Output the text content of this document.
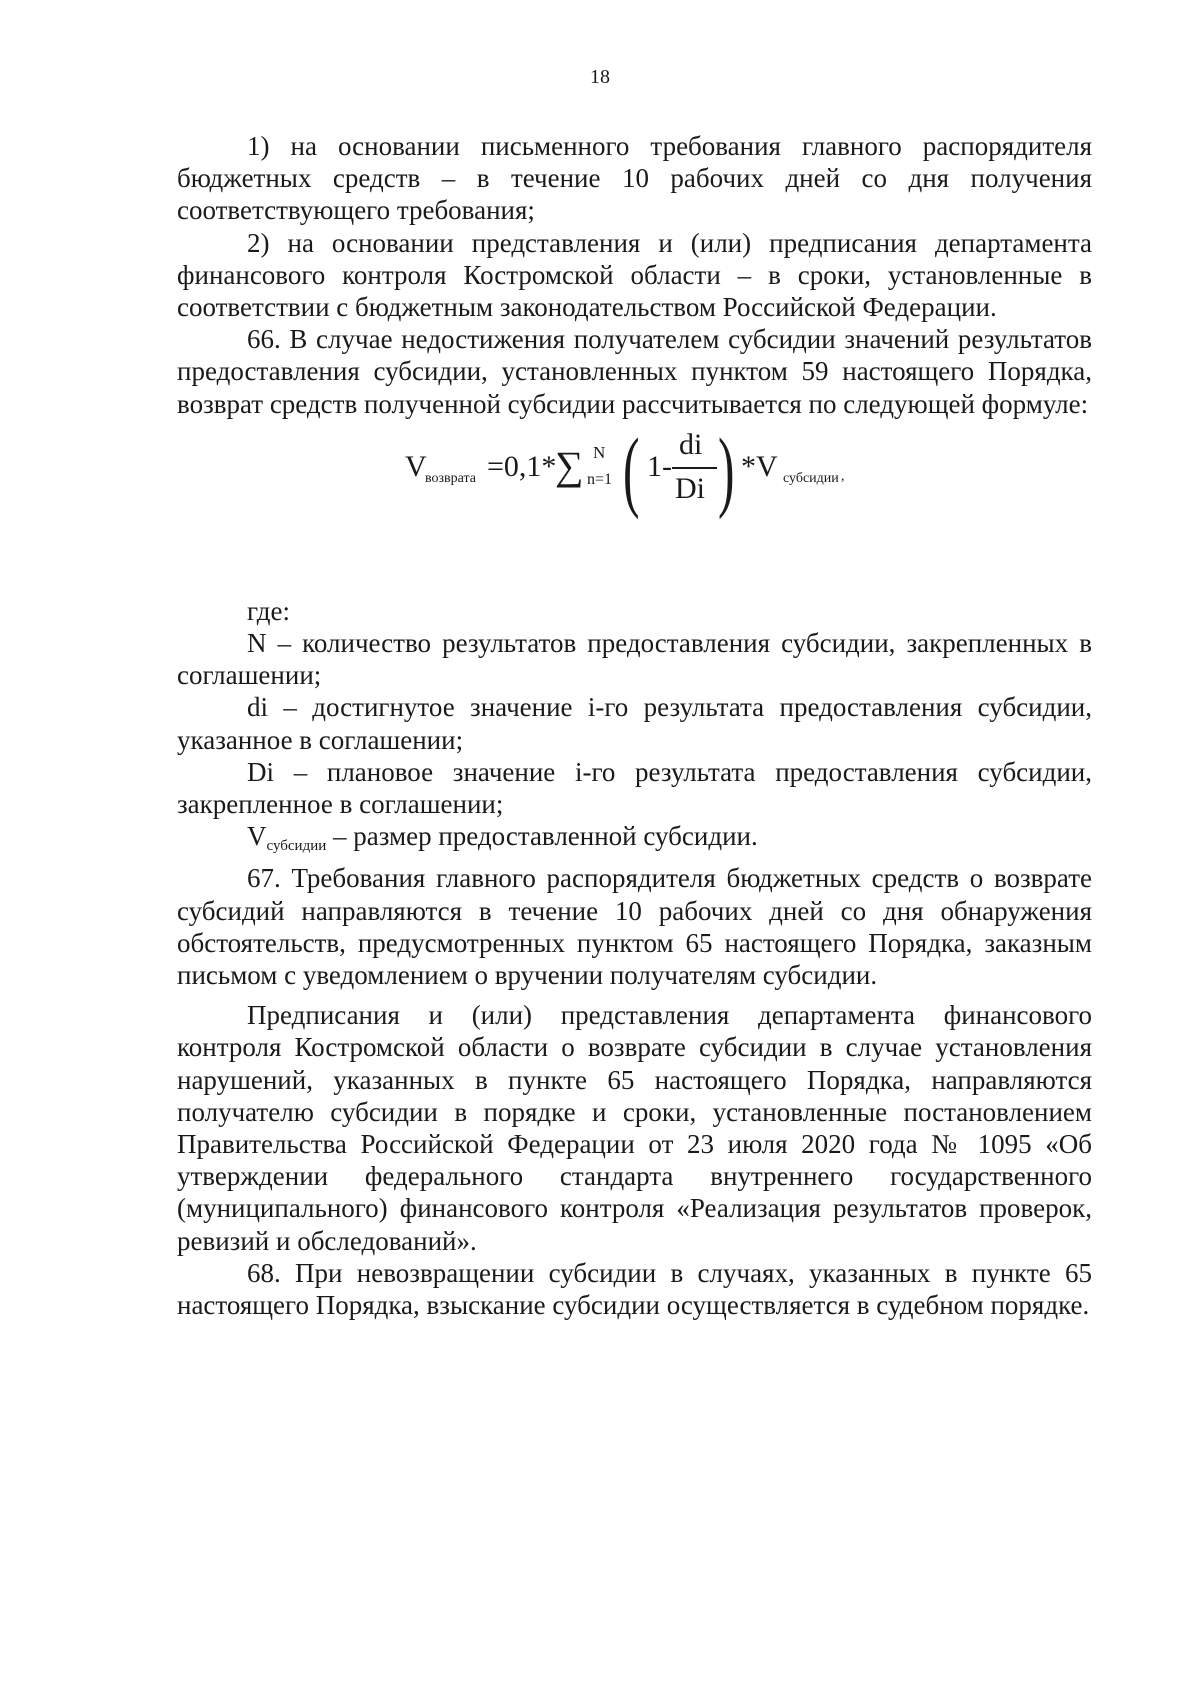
18

1) на основании письменного требования главного распорядителя бюджетных средств – в течение 10 рабочих дней со дня получения соответствующего требования;

2) на основании представления и (или) предписания департамента финансового контроля Костромской области – в сроки, установленные в соответствии с бюджетным законодательством Российской Федерации.

66. В случае недостижения получателем субсидии значений результатов предоставления субсидии, установленных пунктом 59 настоящего Порядка, возврат средств полученной субсидии рассчитывается по следующей формуле:

V
возврата =0,1*
∑ N
n=1 ( 1-
di
Di ) *V субсидии ,

где:

N – количество результатов предоставления субсидии, закрепленных в соглашении;

di – достигнутое значение i-го результата предоставления субсидии, указанное в соглашении;

Di – плановое значение i-го результата предоставления субсидии, закрепленное в соглашении;

Vсубсидии – размер предоставленной субсидии.

67. Требования главного распорядителя бюджетных средств о возврате субсидий направляются в течение 10 рабочих дней со дня обнаружения обстоятельств, предусмотренных пунктом 65 настоящего Порядка, заказным письмом с уведомлением о вручении получателям субсидии.

Предписания и (или) представления департамента финансового контроля Костромской области о возврате субсидии в случае установления нарушений, указанных в пункте 65 настоящего Порядка, направляются получателю субсидии в порядке и сроки, установленные постановлением Правительства Российской Федерации от 23 июля 2020 года № 1095 «Об утверждении федерального стандарта внутреннего государственного (муниципального) финансового контроля «Реализация результатов проверок, ревизий и обследований».

68. При невозвращении субсидии в случаях, указанных в пункте 65 настоящего Порядка, взыскание субсидии осуществляется в судебном порядке.
